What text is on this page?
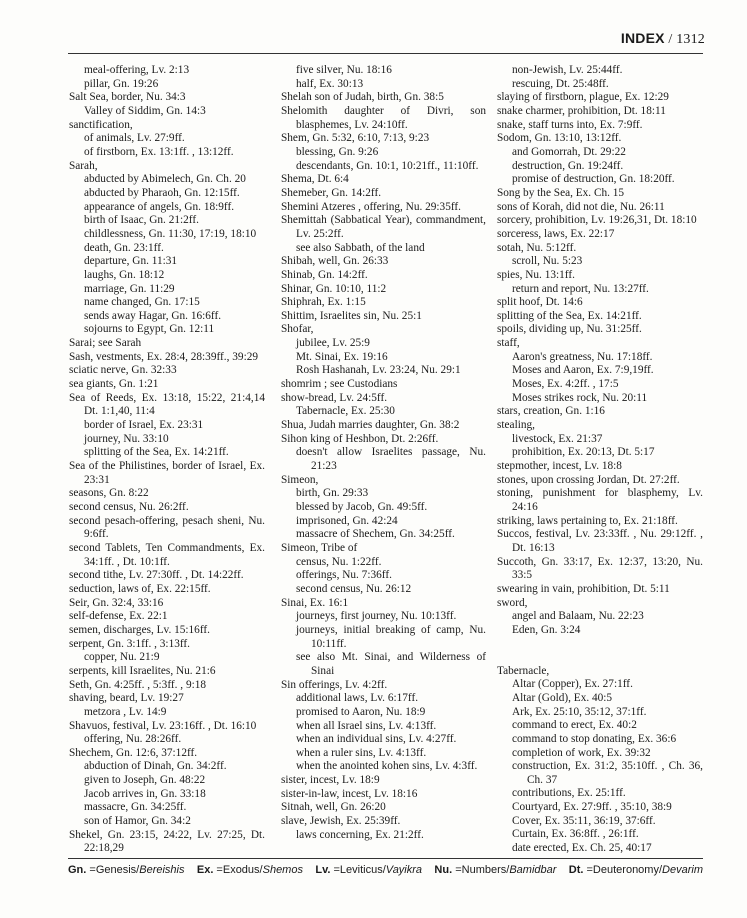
INDEX / 1312
meal-offering, Lv. 2:13
pillar, Gn. 19:26
Salt Sea, border, Nu. 34:3
Valley of Siddim, Gn. 14:3
sanctification,
of animals, Lv. 27:9ff.
of firstborn, Ex. 13:1ff. , 13:12ff.
Sarah,
abducted by Abimelech, Gn. Ch. 20
abducted by Pharaoh, Gn. 12:15ff.
appearance of angels, Gn. 18:9ff.
birth of Isaac, Gn. 21:2ff.
childlessness, Gn. 11:30, 17:19, 18:10
death, Gn. 23:1ff.
departure, Gn. 11:31
laughs, Gn. 18:12
marriage, Gn. 11:29
name changed, Gn. 17:15
sends away Hagar, Gn. 16:6ff.
sojourns to Egypt, Gn. 12:11
Sarai; see Sarah
Sash, vestments, Ex. 28:4, 28:39ff., 39:29
sciatic nerve, Gn. 32:33
sea giants, Gn. 1:21
Sea of Reeds, Ex. 13:18, 15:22, 21:4,14 Dt. 1:1,40, 11:4
border of Israel, Ex. 23:31
journey, Nu. 33:10
splitting of the Sea, Ex. 14:21ff.
Sea of the Philistines, border of Israel, Ex. 23:31
seasons, Gn. 8:22
second census, Nu. 26:2ff.
second pesach-offering, pesach sheni, Nu. 9:6ff.
second Tablets, Ten Commandments, Ex. 34:1ff. , Dt. 10:1ff.
second tithe, Lv. 27:30ff. , Dt. 14:22ff.
seduction, laws of, Ex. 22:15ff.
Seir, Gn. 32:4, 33:16
self-defense, Ex. 22:1
semen, discharges, Lv. 15:16ff.
serpent, Gn. 3:1ff. , 3:13ff.
copper, Nu. 21:9
serpents, kill Israelites, Nu. 21:6
Seth, Gn. 4:25ff. , 5:3ff. , 9:18
shaving, beard, Lv. 19:27
metzora , Lv. 14:9
Shavuos, festival, Lv. 23:16ff. , Dt. 16:10
offering, Nu. 28:26ff.
Shechem, Gn. 12:6, 37:12ff.
abduction of Dinah, Gn. 34:2ff.
given to Joseph, Gn. 48:22
Jacob arrives in, Gn. 33:18
massacre, Gn. 34:25ff.
son of Hamor, Gn. 34:2
Shekel, Gn. 23:15, 24:22, Lv. 27:25, Dt. 22:18,29
five silver, Nu. 18:16
half, Ex. 30:13
Shelah son of Judah, birth, Gn. 38:5
Shelomith daughter of Divri, son blasphemes, Lv. 24:10ff.
Shem, Gn. 5:32, 6:10, 7:13, 9:23
blessing, Gn. 9:26
descendants, Gn. 10:1, 10:21ff., 11:10ff.
Shema, Dt. 6:4
Shemeber, Gn. 14:2ff.
Shemini Atzeres , offering, Nu. 29:35ff.
Shemittah (Sabbatical Year), commandment, Lv. 25:2ff.
see also Sabbath, of the land
Shibah, well, Gn. 26:33
Shinab, Gn. 14:2ff.
Shinar, Gn. 10:10, 11:2
Shiphrah, Ex. 1:15
Shittim, Israelites sin, Nu. 25:1
Shofar,
jubilee, Lv. 25:9
Mt. Sinai, Ex. 19:16
Rosh Hashanah, Lv. 23:24, Nu. 29:1
shomrim ; see Custodians
show-bread, Lv. 24:5ff.
Tabernacle, Ex. 25:30
Shua, Judah marries daughter, Gn. 38:2
Sihon king of Heshbon, Dt. 2:26ff.
doesn't allow Israelites passage, Nu. 21:23
Simeon,
birth, Gn. 29:33
blessed by Jacob, Gn. 49:5ff.
imprisoned, Gn. 42:24
massacre of Shechem, Gn. 34:25ff.
Simeon, Tribe of
census, Nu. 1:22ff.
offerings, Nu. 7:36ff.
second census, Nu. 26:12
Sinai, Ex. 16:1
journeys, first journey, Nu. 10:13ff.
journeys, initial breaking of camp, Nu. 10:11ff.
see also Mt. Sinai, and Wilderness of Sinai
Sin offerings, Lv. 4:2ff.
additional laws, Lv. 6:17ff.
promised to Aaron, Nu. 18:9
when all Israel sins, Lv. 4:13ff.
when an individual sins, Lv. 4:27ff.
when a ruler sins, Lv. 4:13ff.
when the anointed kohen sins, Lv. 4:3ff.
sister, incest, Lv. 18:9
sister-in-law, incest, Lv. 18:16
Sitnah, well, Gn. 26:20
slave, Jewish, Ex. 25:39ff.
laws concerning, Ex. 21:2ff.
non-Jewish, Lv. 25:44ff.
rescuing, Dt. 25:48ff.
slaying of firstborn, plague, Ex. 12:29
snake charmer, prohibition, Dt. 18:11
snake, staff turns into, Ex. 7:9ff.
Sodom, Gn. 13:10, 13:12ff.
and Gomorrah, Dt. 29:22
destruction, Gn. 19:24ff.
promise of destruction, Gn. 18:20ff.
Song by the Sea, Ex. Ch. 15
sons of Korah, did not die, Nu. 26:11
sorcery, prohibition, Lv. 19:26,31, Dt. 18:10
sorceress, laws, Ex. 22:17
sotah, Nu. 5:12ff.
scroll, Nu. 5:23
spies, Nu. 13:1ff.
return and report, Nu. 13:27ff.
split hoof, Dt. 14:6
splitting of the Sea, Ex. 14:21ff.
spoils, dividing up, Nu. 31:25ff.
staff,
Aaron's greatness, Nu. 17:18ff.
Moses and Aaron, Ex. 7:9,19ff.
Moses, Ex. 4:2ff. , 17:5
Moses strikes rock, Nu. 20:11
stars, creation, Gn. 1:16
stealing,
livestock, Ex. 21:37
prohibition, Ex. 20:13, Dt. 5:17
stepmother, incest, Lv. 18:8
stones, upon crossing Jordan, Dt. 27:2ff.
stoning, punishment for blasphemy, Lv. 24:16
striking, laws pertaining to, Ex. 21:18ff.
Succos, festival, Lv. 23:33ff. , Nu. 29:12ff. , Dt. 16:13
Succoth, Gn. 33:17, Ex. 12:37, 13:20, Nu. 33:5
swearing in vain, prohibition, Dt. 5:11
sword,
angel and Balaam, Nu. 22:23
Eden, Gn. 3:24
Tabernacle,
Altar (Copper), Ex. 27:1ff.
Altar (Gold), Ex. 40:5
Ark, Ex. 25:10, 35:12, 37:1ff.
command to erect, Ex. 40:2
command to stop donating, Ex. 36:6
completion of work, Ex. 39:32
construction, Ex. 31:2, 35:10ff. , Ch. 36, Ch. 37
contributions, Ex. 25:1ff.
Courtyard, Ex. 27:9ff. , 35:10, 38:9
Cover, Ex. 35:11, 36:19, 37:6ff.
Curtain, Ex. 36:8ff. , 26:1ff.
date erected, Ex. Ch. 25, 40:17
Gn. =Genesis/Bereishis Ex. =Exodus/Shemos Lv. =Leviticus/Vayikra Nu. =Numbers/Bamidbar Dt. =Deuteronomy/Devarim
